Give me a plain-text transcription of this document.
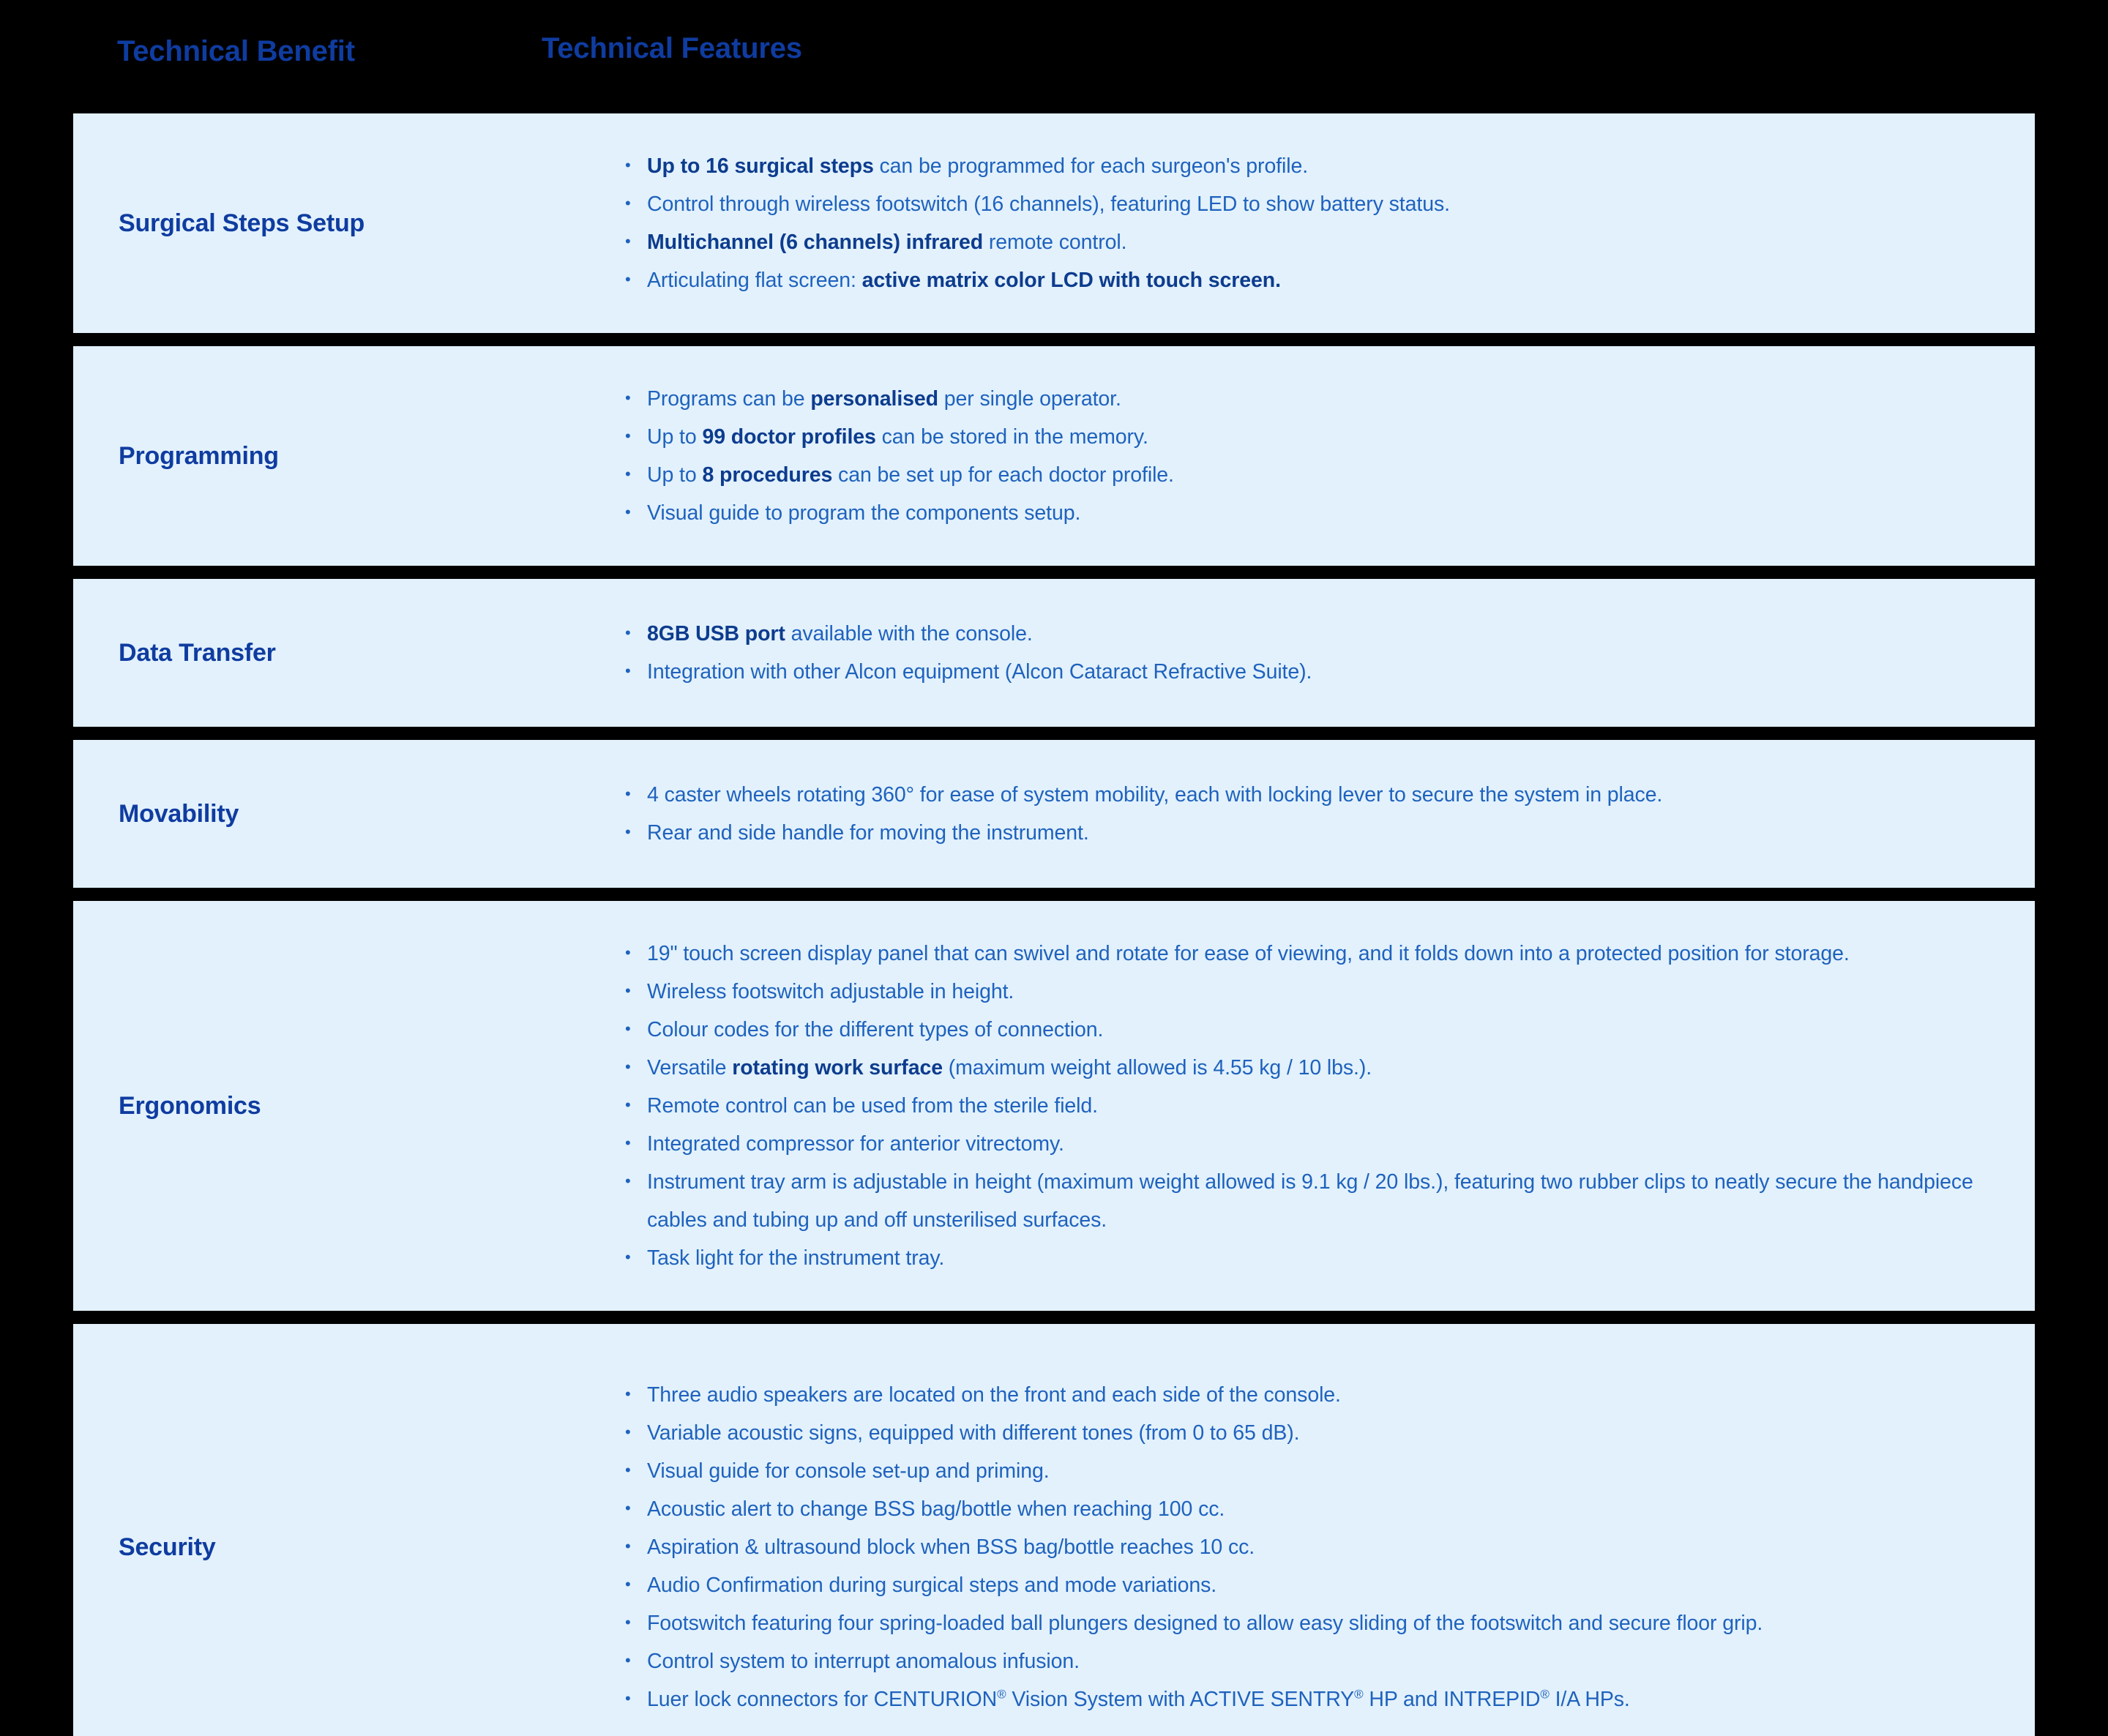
Technical Benefit	Technical Features
Surgical Steps Setup
• Up to 16 surgical steps can be programmed for each surgeon's profile.
• Control through wireless footswitch (16 channels), featuring LED to show battery status.
• Multichannel (6 channels) infrared remote control.
• Articulating flat screen: active matrix color LCD with touch screen.
Programming
• Programs can be personalised per single operator.
• Up to 99 doctor profiles can be stored in the memory.
• Up to 8 procedures can be set up for each doctor profile.
• Visual guide to program the components setup.
Data Transfer
• 8GB USB port available with the console.
• Integration with other Alcon equipment (Alcon Cataract Refractive Suite).
Movability
• 4 caster wheels rotating 360° for ease of system mobility, each with locking lever to secure the system in place.
• Rear and side handle for moving the instrument.
Ergonomics
• 19" touch screen display panel that can swivel and rotate for ease of viewing, and it folds down into a protected position for storage.
• Wireless footswitch adjustable in height.
• Colour codes for the different types of connection.
• Versatile rotating work surface (maximum weight allowed is 4.55 kg / 10 lbs.).
• Remote control can be used from the sterile field.
• Integrated compressor for anterior vitrectomy.
• Instrument tray arm is adjustable in height (maximum weight allowed is 9.1 kg / 20 lbs.), featuring two rubber clips to neatly secure the handpiece cables and tubing up and off unsterilised surfaces.
• Task light for the instrument tray.
Security
• Three audio speakers are located on the front and each side of the console.
• Variable acoustic signs, equipped with different tones (from 0 to 65 dB).
• Visual guide for console set-up and priming.
• Acoustic alert to change BSS bag/bottle when reaching 100 cc.
• Aspiration & ultrasound block when BSS bag/bottle reaches 10 cc.
• Audio Confirmation during surgical steps and mode variations.
• Footswitch featuring four spring-loaded ball plungers designed to allow easy sliding of the footswitch and secure floor grip.
• Control system to interrupt anomalous infusion.
• Luer lock connectors for CENTURION® Vision System with ACTIVE SENTRY® HP and INTREPID® I/A HPs.
